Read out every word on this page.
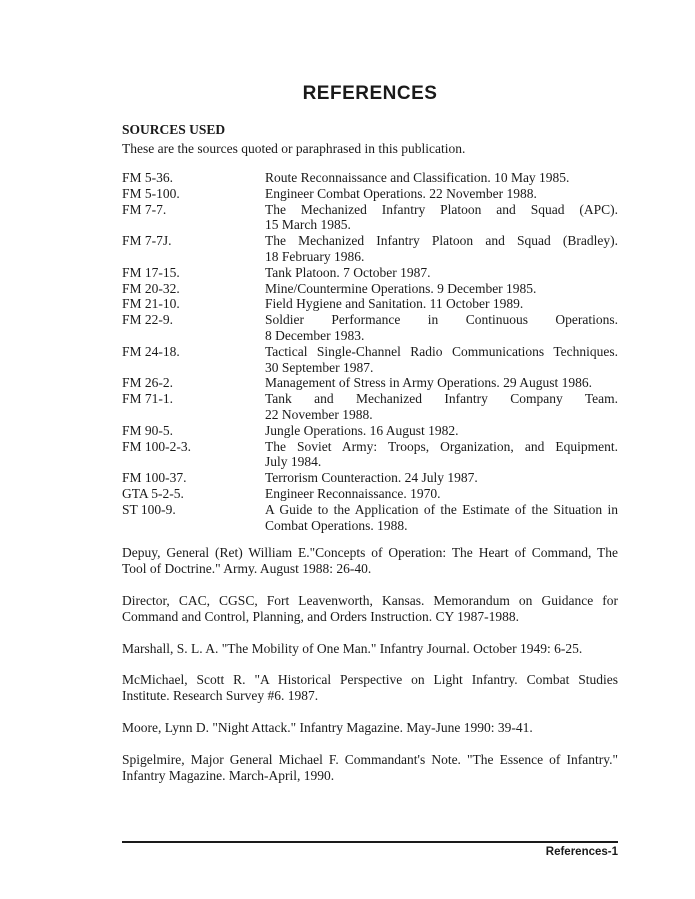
REFERENCES
SOURCES USED
These are the sources quoted or paraphrased in this publication.
FM 5-36.	Route Reconnaissance and Classification. 10 May 1985.
FM 5-100.	Engineer Combat Operations. 22 November 1988.
FM 7-7.	The Mechanized Infantry Platoon and Squad (APC).
15 March 1985.
FM 7-7J.	The Mechanized Infantry Platoon and Squad (Bradley).
18 February 1986.
FM 17-15.	Tank Platoon. 7 October 1987.
FM 20-32.	Mine/Countermine Operations. 9 December 1985.
FM 21-10.	Field Hygiene and Sanitation. 11 October 1989.
FM 22-9.	Soldier Performance in Continuous Operations.
8 December 1983.
FM 24-18.	Tactical Single-Channel Radio Communications Techniques.
30 September 1987.
FM 26-2.	Management of Stress in Army Operations. 29 August 1986.
FM 71-1.	Tank and Mechanized Infantry Company Team.
22 November 1988.
FM 90-5.	Jungle Operations. 16 August 1982.
FM 100-2-3.	The Soviet Army: Troops, Organization, and Equipment.
July 1984.
FM 100-37.	Terrorism Counteraction. 24 July 1987.
GTA 5-2-5.	Engineer Reconnaissance. 1970.
ST 100-9.	A Guide to the Application of the Estimate of the Situation in
Combat Operations. 1988.
Depuy, General (Ret) William E."Concepts of Operation: The Heart of Command, The
Tool of Doctrine." Army. August 1988: 26-40.
Director, CAC, CGSC, Fort Leavenworth, Kansas. Memorandum on Guidance for
Command and Control, Planning, and Orders Instruction. CY 1987-1988.
Marshall, S. L. A. "The Mobility of One Man." Infantry Journal. October 1949: 6-25.
McMichael, Scott R. "A Historical Perspective on Light Infantry. Combat Studies
Institute. Research Survey #6. 1987.
Moore, Lynn D. "Night Attack." Infantry Magazine. May-June 1990: 39-41.
Spigelmire, Major General Michael F. Commandant's Note. "The Essence of Infantry."
Infantry Magazine. March-April, 1990.
References-1
